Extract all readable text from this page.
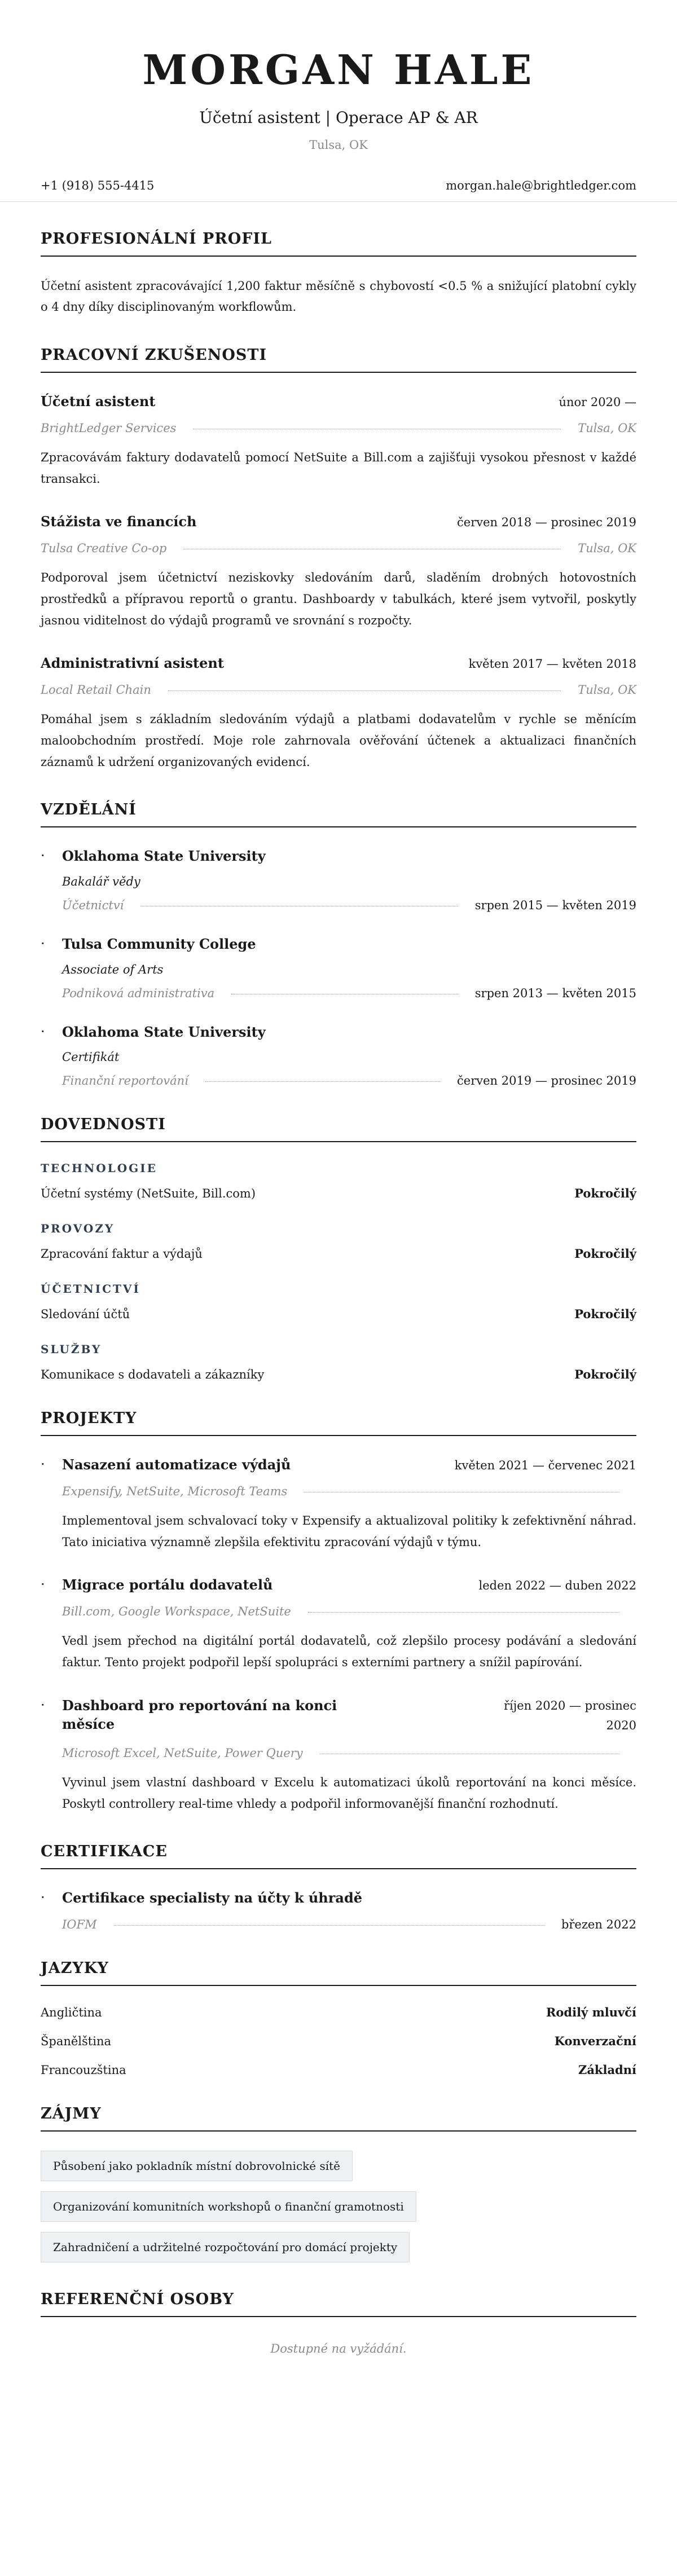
MORGAN HALE
Účetní asistent | Operace AP & AR
Tulsa, OK
+1 (918) 555-4415	morgan.hale@brightledger.com
PROFESIONÁLNÍ PROFIL

Účetní asistent zpracovávající 1,200 faktur měsíčně s chybovostí <0.5 % a snižující platobní cykly o 4 dny díky disciplinovaným workflowům.

PRACOVNÍ ZKUŠENOSTI
Účetní asistent	únor 2020 —
BrightLedger Services	Tulsa, OK

Zpracovávám faktury dodavatelů pomocí NetSuite a Bill.com a zajišťuji vysokou přesnost v každé transakci.

Stážista ve financích	červen 2018 — prosinec 2019
Tulsa Creative Co-op	Tulsa, OK

Podporoval jsem účetnictví neziskovky sledováním darů, sladěním drobných hotovostních prostředků a přípravou reportů o grantu. Dashboardy v tabulkách, které jsem vytvořil, poskytly jasnou viditelnost do výdajů programů ve srovnání s rozpočty.

Administrativní asistent	květen 2017 — květen 2018
Local Retail Chain	Tulsa, OK

Pomáhal jsem s základním sledováním výdajů a platbami dodavatelům v rychle se měnícím maloobchodním prostředí. Moje role zahrnovala ověřování účtenek a aktualizaci finančních záznamů k udržení organizovaných evidencí.

VZDĚLÁNÍ
·	Oklahoma State University
Bakalář vědy
Účetnictví	srpen 2015 — květen 2019
·	Tulsa Community College
Associate of Arts
Podniková administrativa	srpen 2013 — květen 2015
·	Oklahoma State University
Certifikát
Finanční reportování	červen 2019 — prosinec 2019
DOVEDNOSTI
TECHNOLOGIE
Účetní systémy (NetSuite, Bill.com)	Pokročilý
PROVOZY
Zpracování faktur a výdajů	Pokročilý
ÚČETNICTVÍ
Sledování účtů	Pokročilý
SLUŽBY
Komunikace s dodavateli a zákazníky	Pokročilý
PROJEKTY
·	Nasazení automatizace výdajů	květen 2021 — červenec 2021
Expensify, NetSuite, Microsoft Teams

Implementoval jsem schvalovací toky v Expensify a aktualizoval politiky k zefektivnění náhrad. Tato iniciativa významně zlepšila efektivitu zpracování výdajů v týmu.

·	Migrace portálu dodavatelů	leden 2022 — duben 2022
Bill.com, Google Workspace, NetSuite

Vedl jsem přechod na digitální portál dodavatelů, což zlepšilo procesy podávání a sledování faktur. Tento projekt podpořil lepší spolupráci s externími partnery a snížil papírování.

·	Dashboard pro reportování na konci měsíce
říjen 2020 — prosinec 2020
Microsoft Excel, NetSuite, Power Query

Vyvinul jsem vlastní dashboard v Excelu k automatizaci úkolů reportování na konci měsíce. Poskytl controllery real-time vhledy a podpořil informovanější finanční rozhodnutí.

CERTIFIKACE
·	Certifikace specialisty na účty k úhradě
IOFM	březen 2022
JAZYKY
Angličtina	Rodilý mluvčí
Španělština	Konverzační
Francouzština	Základní
ZÁJMY
Působení jako pokladník místní dobrovolnické sítě
Organizování komunitních workshopů o finanční gramotnosti
Zahradničení a udržitelné rozpočtování pro domácí projekty
REFERENČNÍ OSOBY
Dostupné na vyžádání.
